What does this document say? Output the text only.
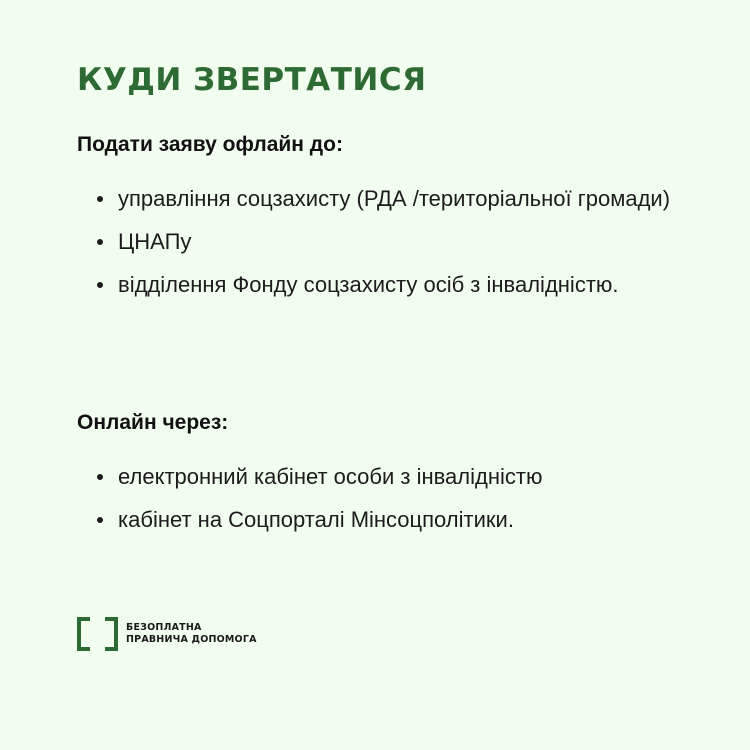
КУДИ ЗВЕРТАТИСЯ
Подати заяву офлайн до:
управління соцзахисту (РДА /територіальної громади)
ЦНАПу
відділення Фонду соцзахисту осіб з інвалідністю.
Онлайн через:
електронний кабінет особи з інвалідністю
кабінет на Соцпорталі Мінсоцполітики.
БЕЗОПЛАТНА
ПРАВНИЧА ДОПОМОГА
